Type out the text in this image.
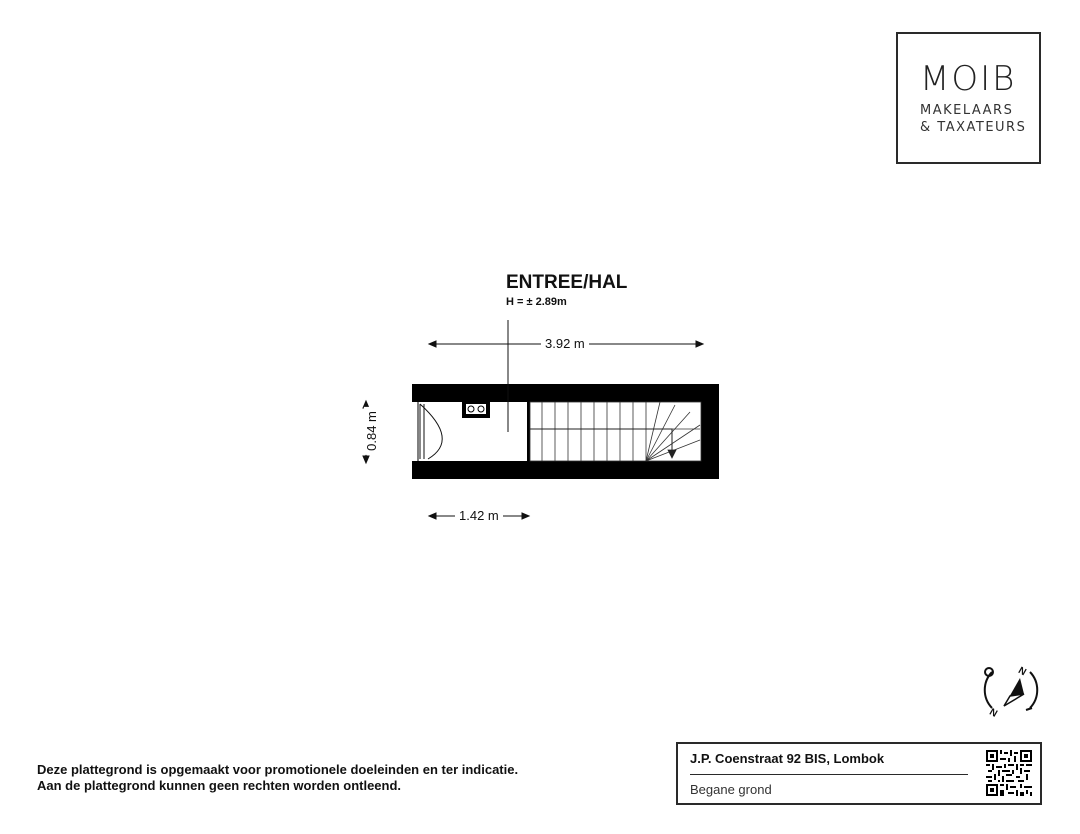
MOIB
MAKELAARS
& TAXATEURS
ENTREE/HAL
H = ± 2.89m
3.92 m
1.42 m
0.84 m
N
N
Deze plattegrond is opgemaakt voor promotionele doeleinden en ter indicatie.
Aan de plattegrond kunnen geen rechten worden ontleend.
J.P. Coenstraat 92 BIS, Lombok
Begane grond
